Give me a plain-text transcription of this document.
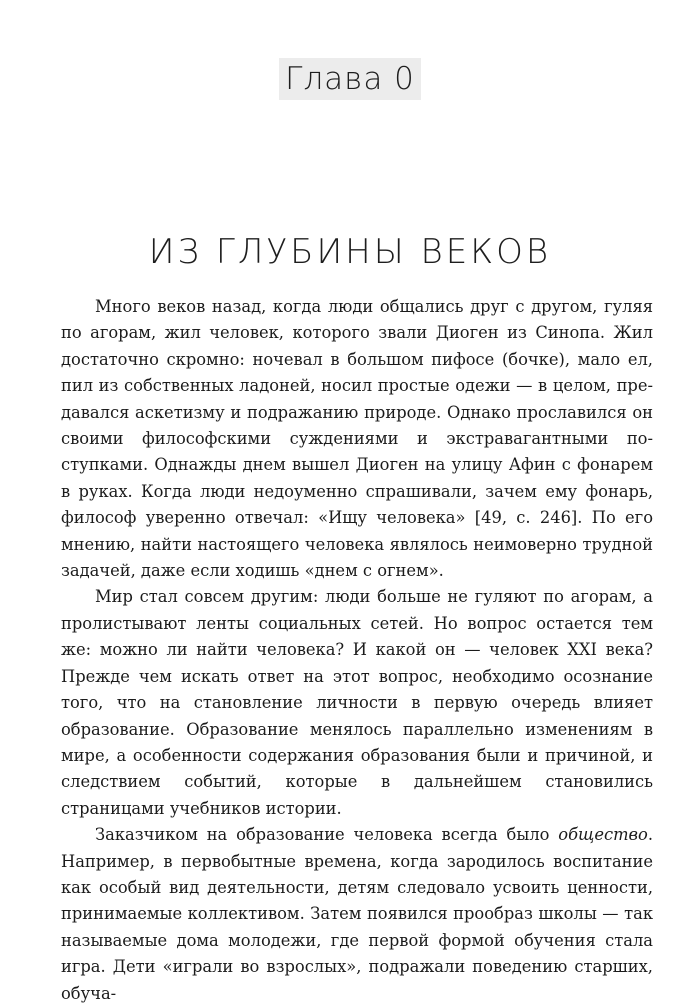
Глава 0
ИЗ ГЛУБИНЫ ВЕКОВ

Много веков назад, когда люди общались друг с другом, гуляя по агорам, жил человек, которого звали Диоген из Синопа. Жил достаточно скромно: ночевал в большом пифосе (бочке), мало ел, пил из собственных ладоней, носил простые одежи — в целом, предавался аскетизму и подражанию природе. Однако прославился он своими философскими суждениями и экстравагантными поступками. Однажды днем вышел Диоген на улицу Афин с фонарем в руках. Когда люди недоуменно спрашивали, зачем ему фонарь, философ уверенно отвечал: «Ищу человека» [49, с. 246]. По его мнению, найти настоящего человека являлось неимоверно трудной задачей, даже если ходишь «днем с огнем».

Мир стал совсем другим: люди больше не гуляют по агорам, а пролистывают ленты социальных сетей. Но вопрос остается тем же: можно ли найти человека? И какой он — человек XXI века? Прежде чем искать ответ на этот вопрос, необходимо осознание того, что на становление личности в первую очередь влияет образование. Образование менялось параллельно изменениям в мире, а особенности содержания образования были и причиной, и следствием событий, которые в дальнейшем становились страницами учебников истории.

Заказчиком на образование человека всегда было общество. Например, в первобытные времена, когда зародилось воспитание как особый вид деятельности, детям следовало усвоить ценности, принимаемые коллективом. Затем появился прообраз школы — так называемые дома молодежи, где первой формой обучения стала игра. Дети «играли во взрослых», подражали поведению старших, обуча-
